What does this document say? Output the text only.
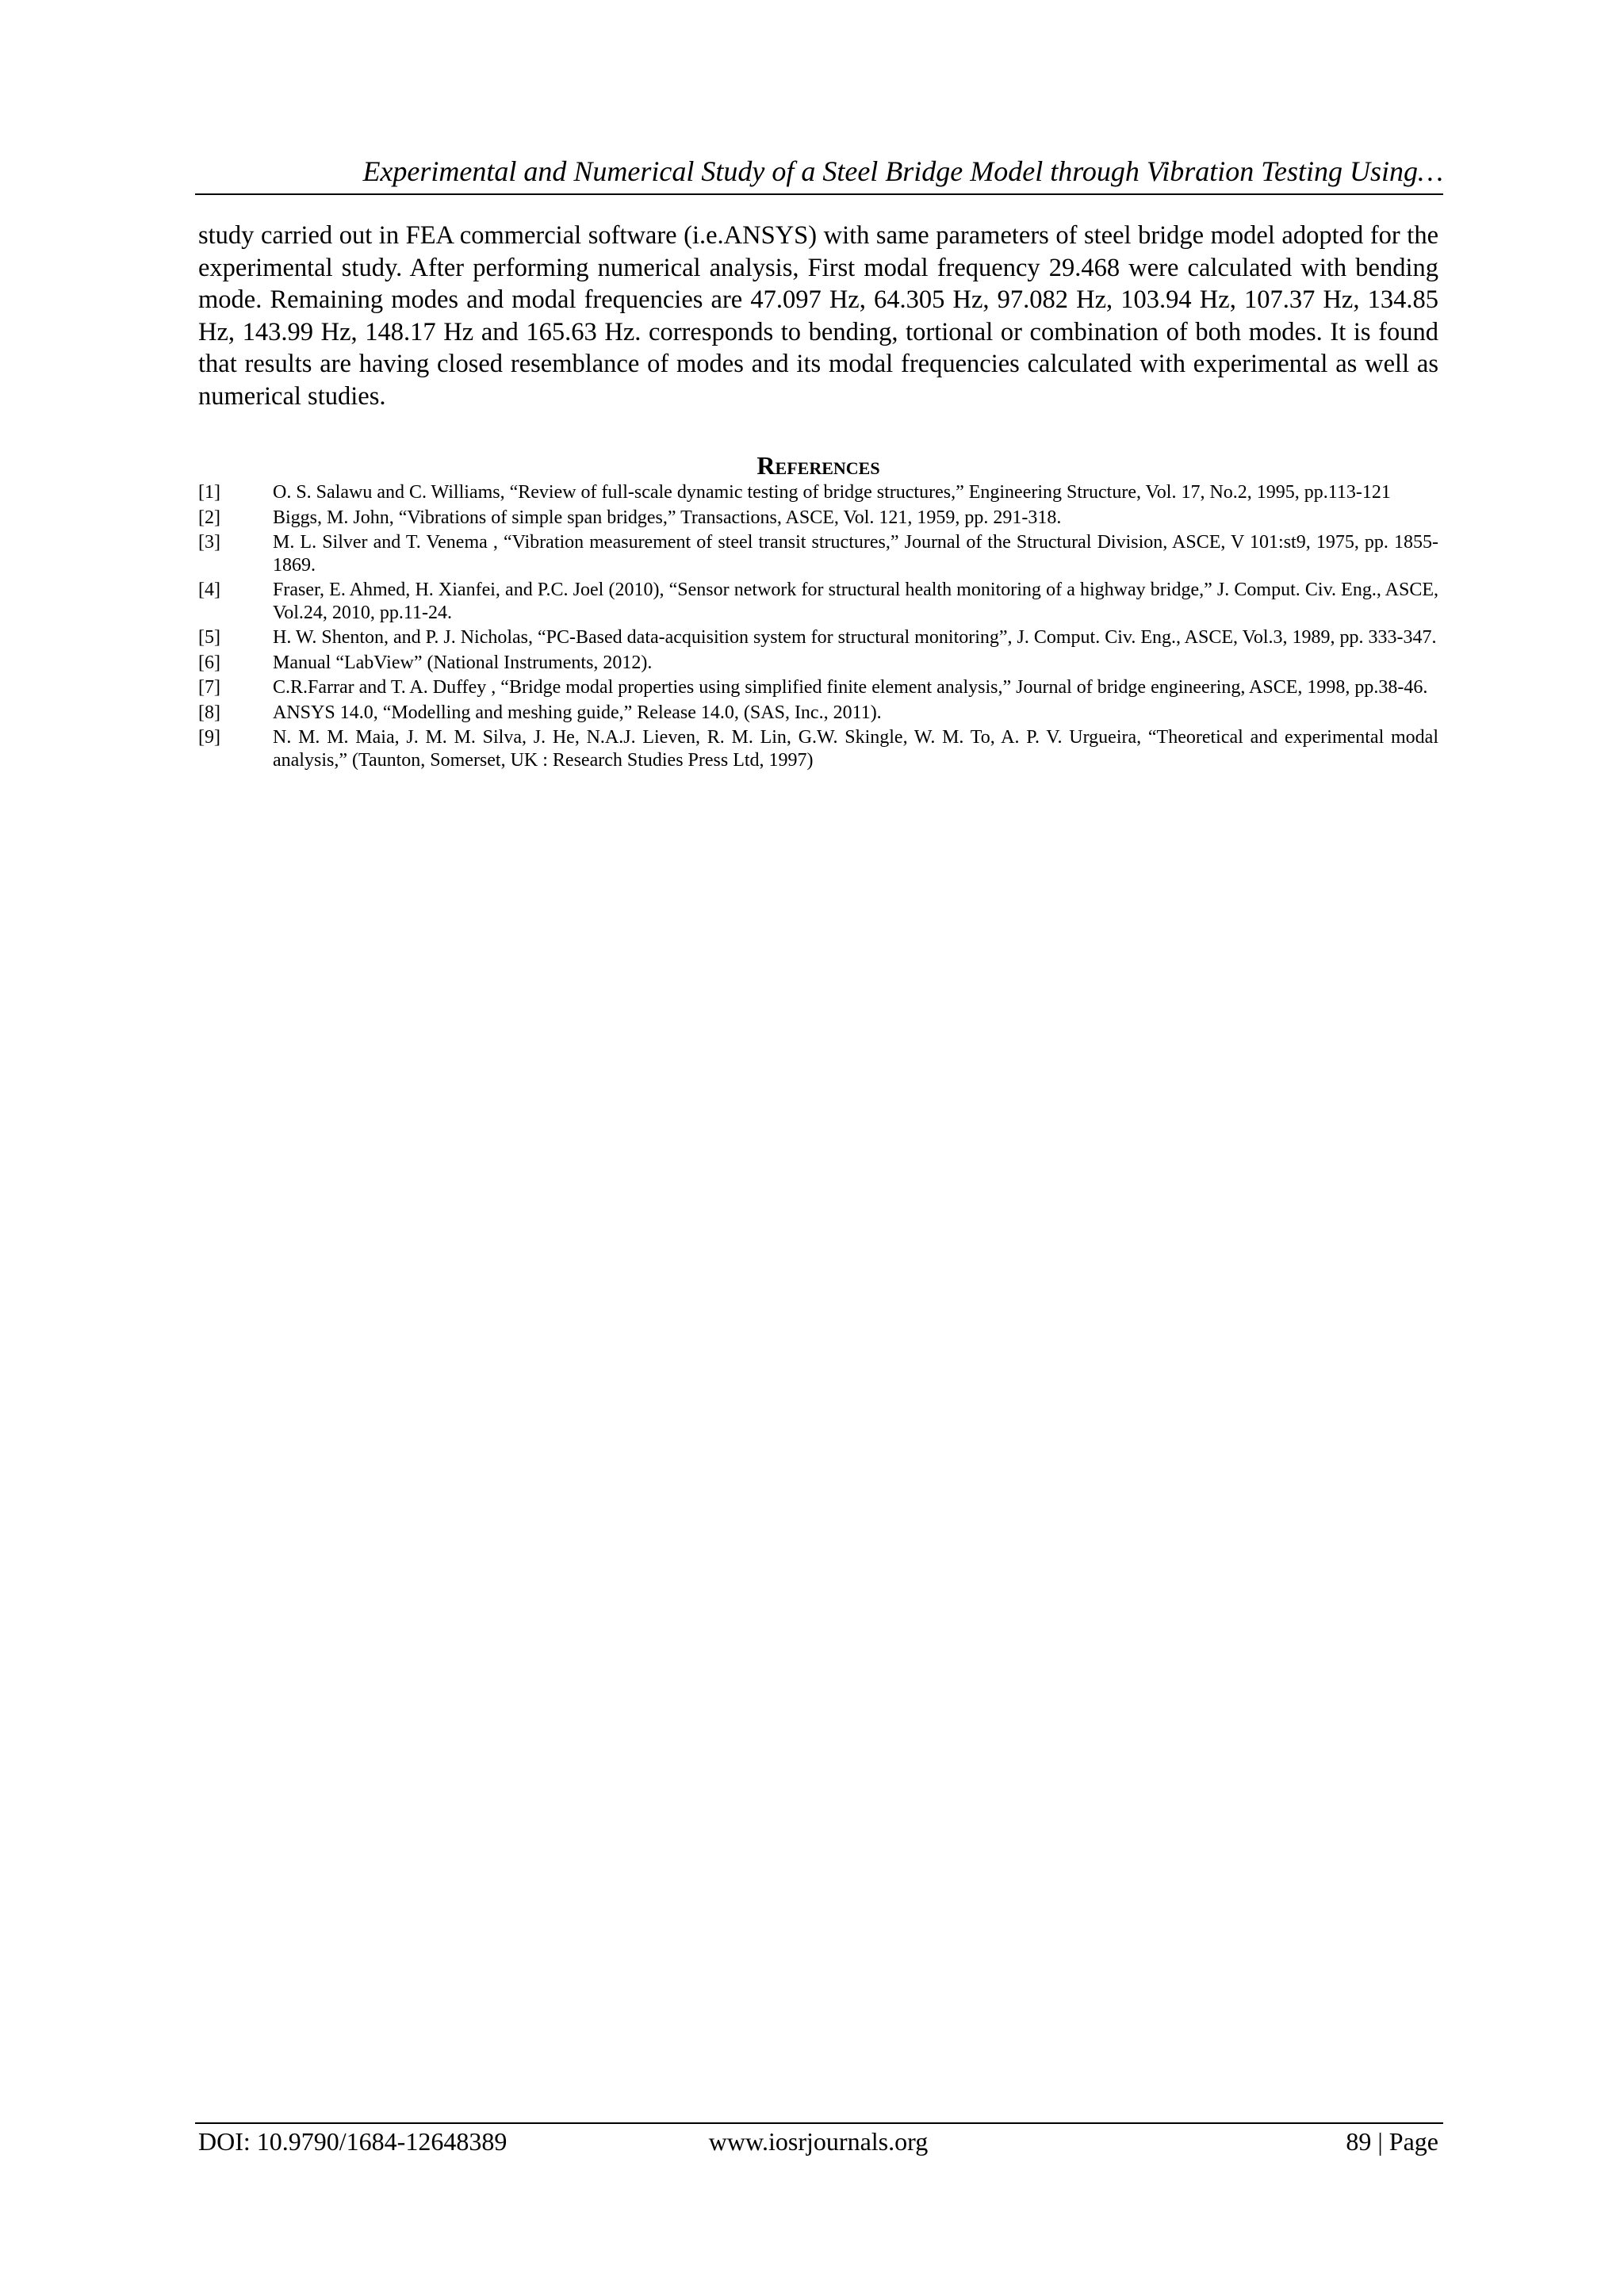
Experimental and Numerical Study of a Steel Bridge Model through Vibration Testing Using…

study carried out in FEA commercial software (i.e.ANSYS) with same parameters of steel bridge model adopted for the experimental study. After performing numerical analysis, First modal frequency 29.468 were calculated with bending mode. Remaining modes and modal frequencies are 47.097 Hz, 64.305 Hz, 97.082 Hz, 103.94 Hz, 107.37 Hz, 134.85 Hz, 143.99 Hz, 148.17 Hz and 165.63 Hz. corresponds to bending, tortional or combination of both modes. It is found that results are having closed resemblance of modes and its modal frequencies calculated with experimental as well as numerical studies.

References
[1]	O. S. Salawu and C. Williams, “Review of full-scale dynamic testing of bridge structures,” Engineering Structure, Vol. 17, No.2, 1995, pp.113-121
[2]	Biggs, M. John, “Vibrations of simple span bridges,” Transactions, ASCE, Vol. 121, 1959, pp. 291-318.
[3]	M. L. Silver and T. Venema , “Vibration measurement of steel transit structures,” Journal of the Structural Division, ASCE, V 101:st9, 1975, pp. 1855-1869.
[4]	Fraser, E. Ahmed, H. Xianfei, and P.C. Joel (2010), “Sensor network for structural health monitoring of a highway bridge,” J. Comput. Civ. Eng., ASCE, Vol.24, 2010, pp.11-24.
[5]	H. W. Shenton, and P. J. Nicholas, “PC-Based data-acquisition system for structural monitoring”, J. Comput. Civ. Eng., ASCE, Vol.3, 1989, pp. 333-347.
[6]	Manual “LabView” (National Instruments, 2012).
[7]	C.R.Farrar and T. A. Duffey , “Bridge modal properties using simplified finite element analysis,” Journal of bridge engineering, ASCE, 1998, pp.38-46.
[8]	ANSYS 14.0, “Modelling and meshing guide,” Release 14.0, (SAS, Inc., 2011).
[9]	N. M. M. Maia, J. M. M. Silva, J. He, N.A.J. Lieven, R. M. Lin, G.W. Skingle, W. M. To, A. P. V. Urgueira, “Theoretical and experimental modal analysis,” (Taunton, Somerset, UK : Research Studies Press Ltd, 1997)
DOI: 10.9790/1684-12648389	www.iosrjournals.org	89 | Page
